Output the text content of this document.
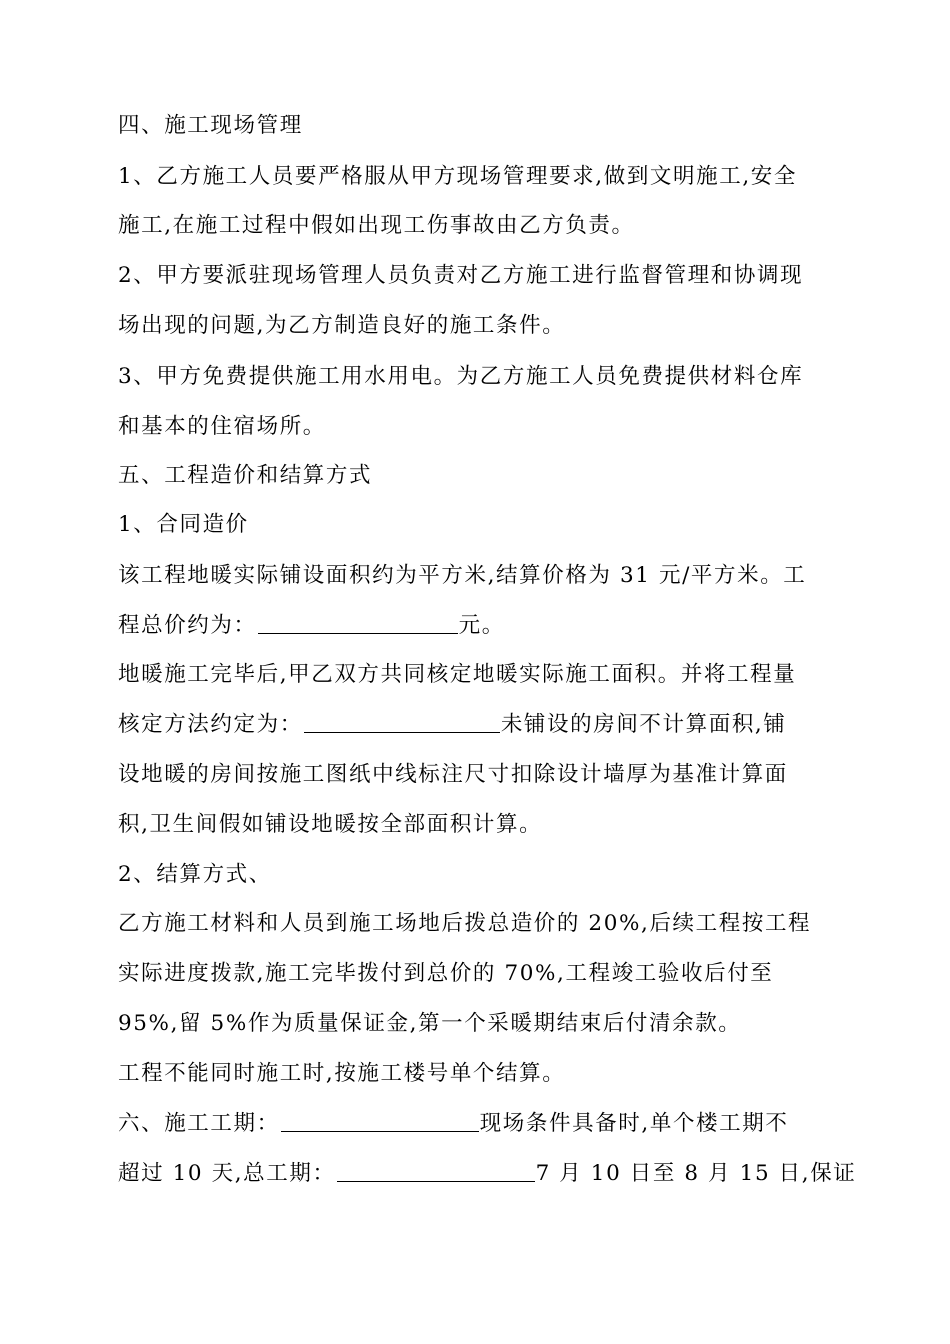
四、施工现场管理
1、乙方施工人员要严格服从甲方现场管理要求,做到文明施工,安全
施工,在施工过程中假如出现工伤事故由乙方负责。
2、甲方要派驻现场管理人员负责对乙方施工进行监督管理和协调现
场出现的问题,为乙方制造良好的施工条件。
3、甲方免费提供施工用水用电。为乙方施工人员免费提供材料仓库
和基本的住宿场所。
五、工程造价和结算方式
1、合同造价
该工程地暖实际铺设面积约为平方米,结算价格为 31 元/平方米。工
程总价约为：	元。
地暖施工完毕后,甲乙双方共同核定地暖实际施工面积。并将工程量
核定方法约定为：	未铺设的房间不计算面积,铺
设地暖的房间按施工图纸中线标注尺寸扣除设计墙厚为基准计算面
积,卫生间假如铺设地暖按全部面积计算。
2、结算方式、
乙方施工材料和人员到施工场地后拨总造价的 20%,后续工程按工程
实际进度拨款,施工完毕拨付到总价的 70%,工程竣工验收后付至
95%,留 5%作为质量保证金,第一个采暖期结束后付清余款。
工程不能同时施工时,按施工楼号单个结算。
六、施工工期：	现场条件具备时,单个楼工期不
超过 10 天,总工期：	7 月 10 日至 8 月 15 日,保证
